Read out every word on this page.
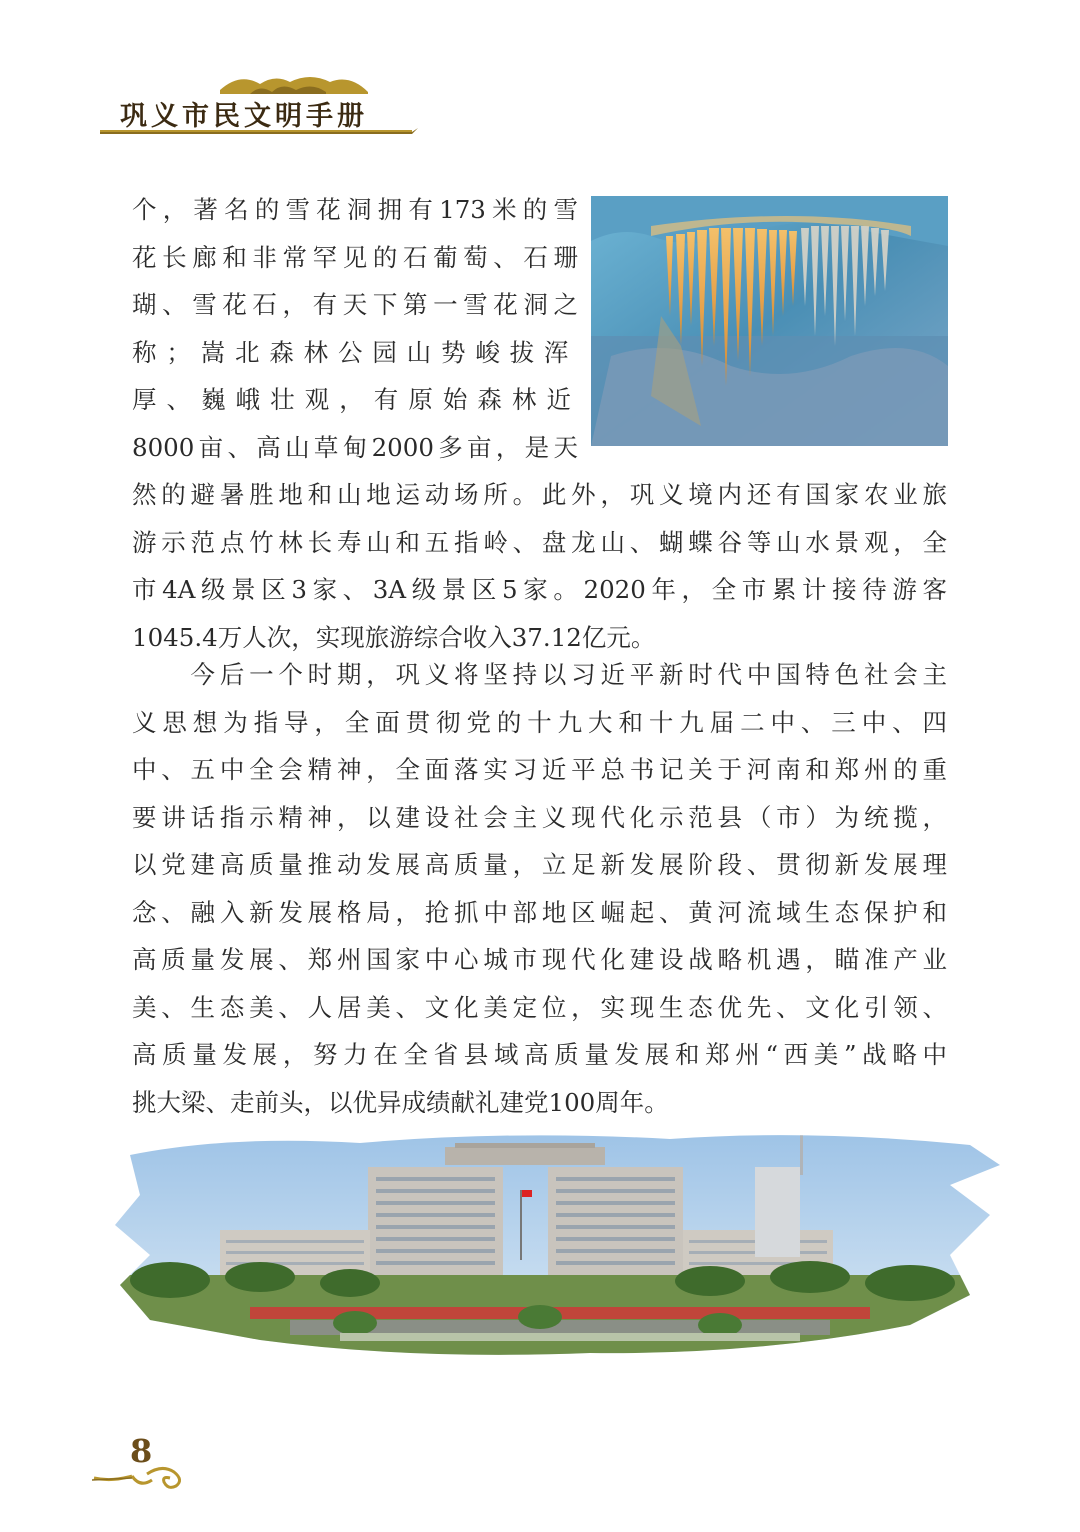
巩义市民文明手册
个，著名的雪花洞拥有173米的雪
花长廊和非常罕见的石葡萄、石珊
瑚、雪花石，有天下第一雪花洞之
称；嵩北森林公园山势峻拔浑
厚、巍峨壮观，有原始森林近
8000亩、高山草甸2000多亩，是天
然的避暑胜地和山地运动场所。此外，巩义境内还有国家农业旅
游示范点竹林长寿山和五指岭、盘龙山、蝴蝶谷等山水景观，全
市4A级景区3家、3A级景区5家。2020年，全市累计接待游客
1045.4万人次，实现旅游综合收入37.12亿元。
　　今后一个时期，巩义将坚持以习近平新时代中国特色社会主
义思想为指导，全面贯彻党的十九大和十九届二中、三中、四
中、五中全会精神，全面落实习近平总书记关于河南和郑州的重
要讲话指示精神，以建设社会主义现代化示范县（市）为统揽，
以党建高质量推动发展高质量，立足新发展阶段、贯彻新发展理
念、融入新发展格局，抢抓中部地区崛起、黄河流域生态保护和
高质量发展、郑州国家中心城市现代化建设战略机遇，瞄准产业
美、生态美、人居美、文化美定位，实现生态优先、文化引领、
高质量发展，努力在全省县域高质量发展和郑州“西美”战略中
挑大梁、走前头，以优异成绩献礼建党100周年。
8
